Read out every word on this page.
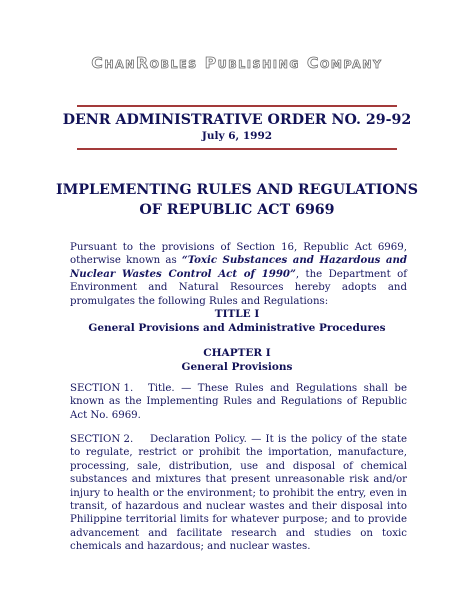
ChanRobles Publishing Company
DENR ADMINISTRATIVE ORDER NO. 29-92
July 6, 1992
IMPLEMENTING RULES AND REGULATIONS
OF REPUBLIC ACT 6969
Pursuant to the provisions of Section 16, Republic Act 6969, otherwise known as “Toxic Substances and Hazardous and Nuclear Wastes Control Act of 1990”, the Department of Environment and Natural Resources hereby adopts and promulgates the following Rules and Regulations:
TITLE I
General Provisions and Administrative Procedures
CHAPTER I
General Provisions
SECTION 1. Title. — These Rules and Regulations shall be known as the Implementing Rules and Regulations of Republic Act No. 6969.
SECTION 2. Declaration Policy. — It is the policy of the state to regulate, restrict or prohibit the importation, manufacture, processing, sale, distribution, use and disposal of chemical substances and mixtures that present unreasonable risk and/or injury to health or the environment; to prohibit the entry, even in transit, of hazardous and nuclear wastes and their disposal into Philippine territorial limits for whatever purpose; and to provide advancement and facilitate research and studies on toxic chemicals and hazardous; and nuclear wastes.
